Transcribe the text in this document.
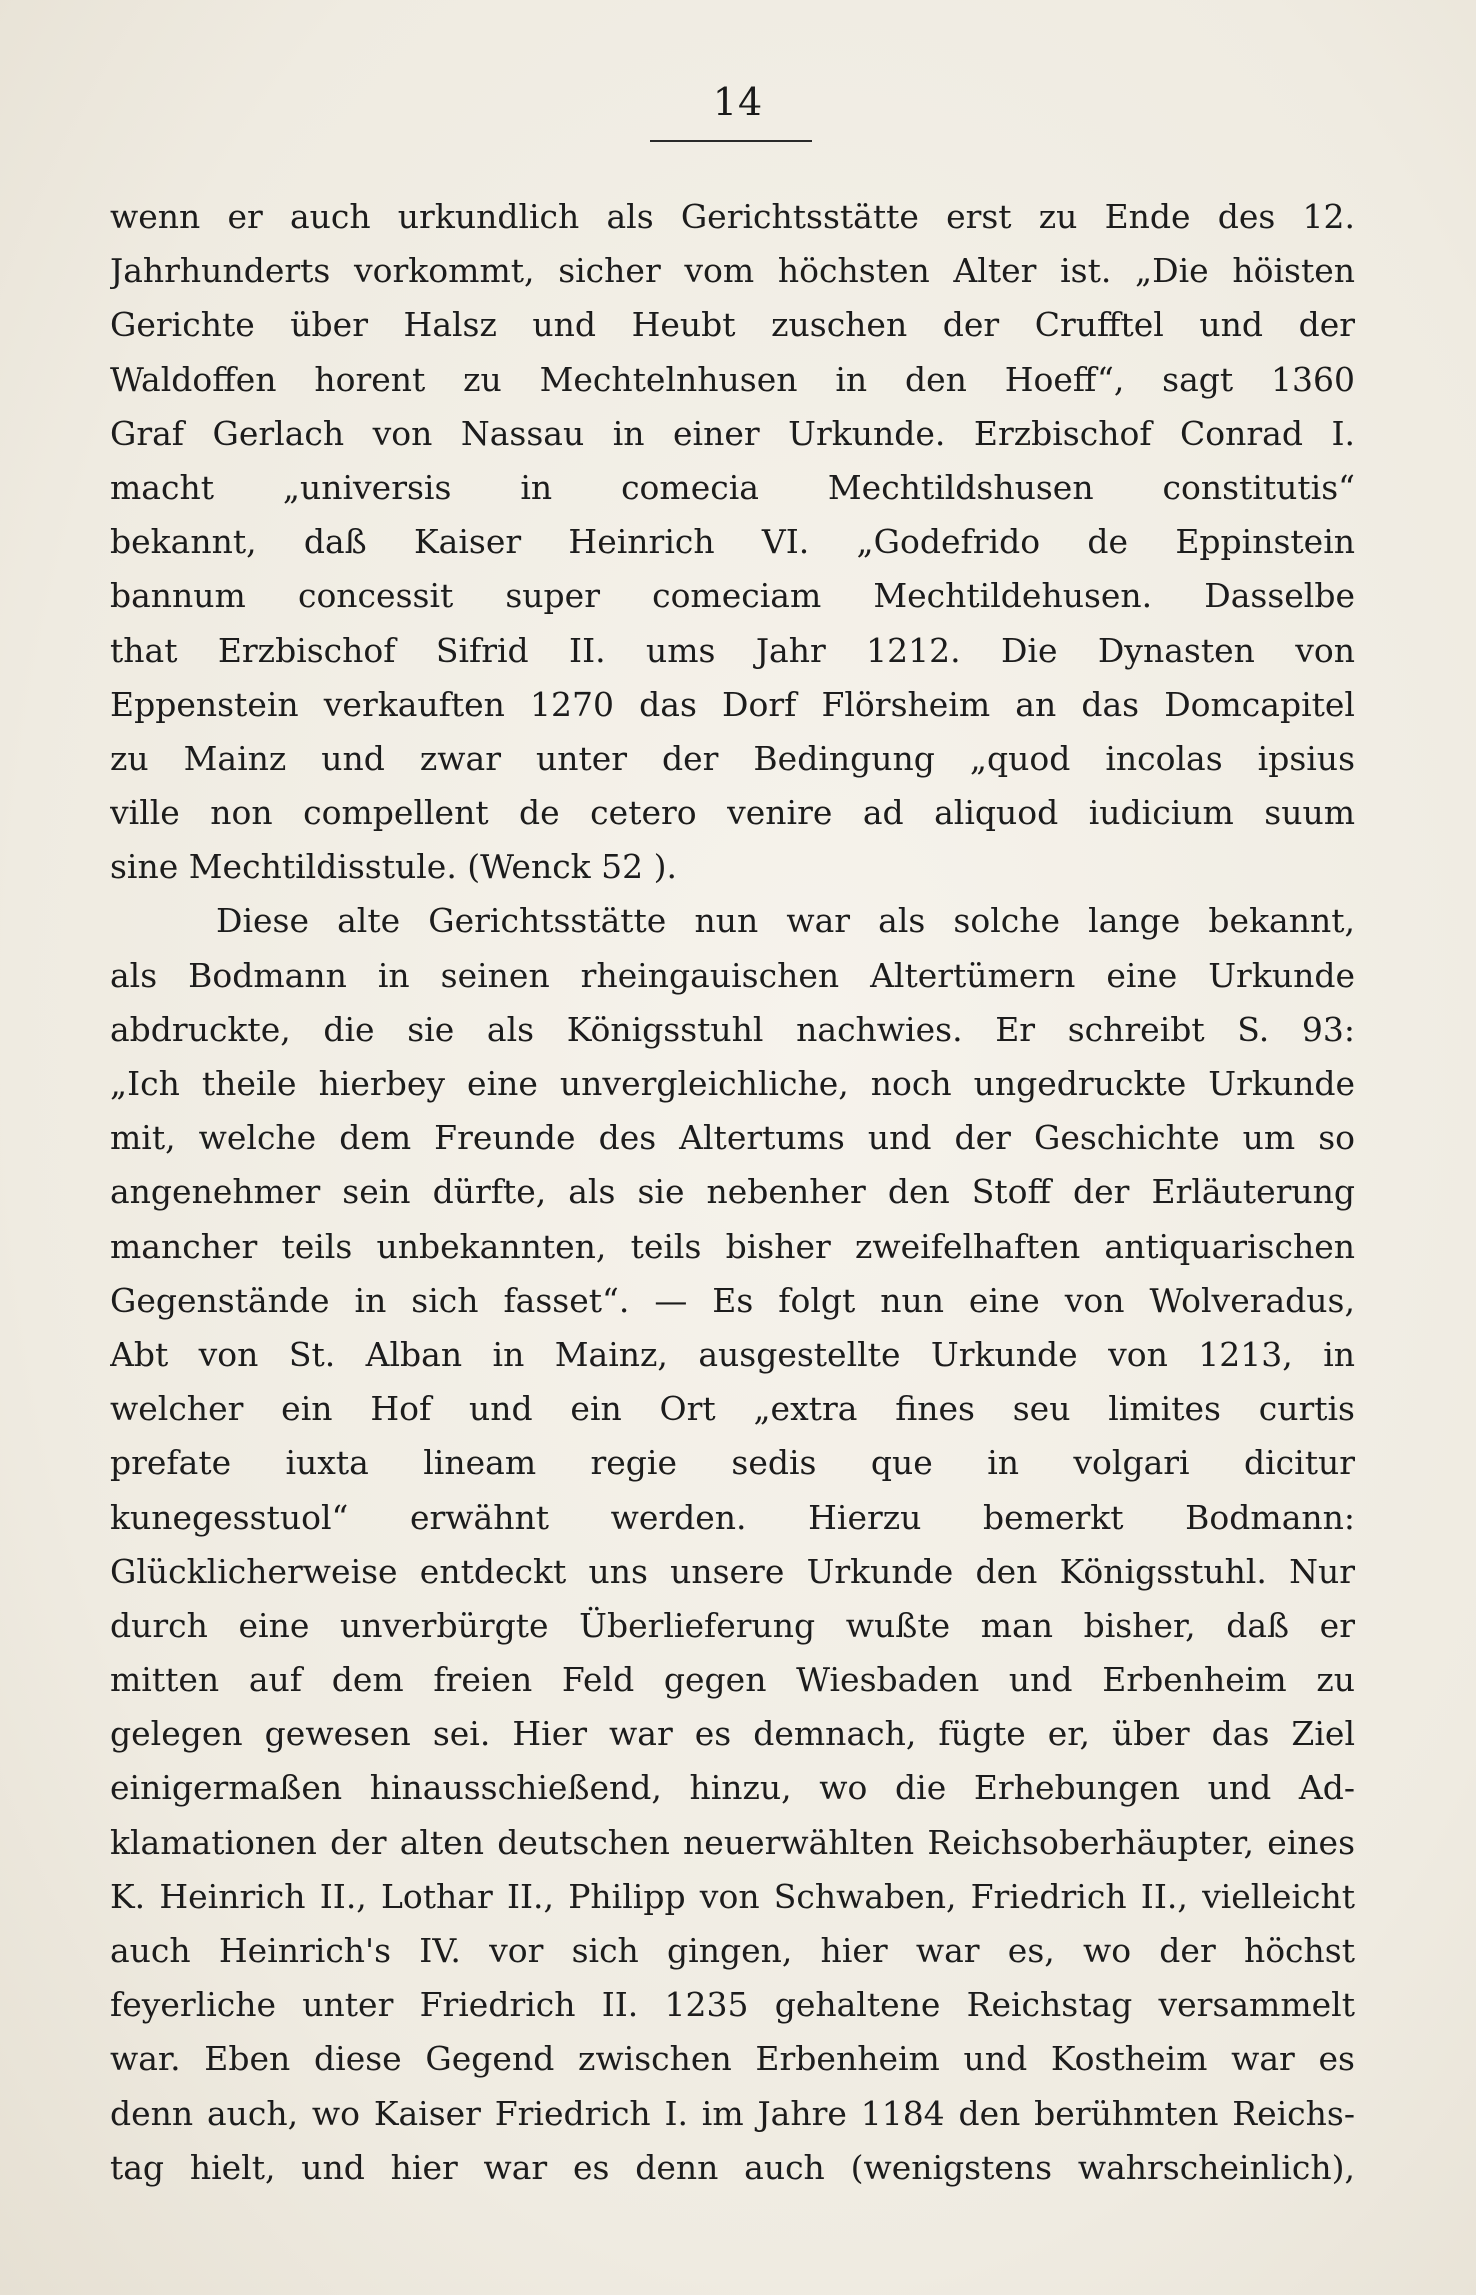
14
wenn er auch urkundlich als Gerichtsstätte erst zu Ende des 12.
Jahrhunderts vorkommt, sicher vom höchsten Alter ist. „Die höisten
Gerichte über Halsz und Heubt zuschen der Crufftel und der
Waldoffen horent zu Mechtelnhusen in den Hoeff“, sagt 1360
Graf Gerlach von Nassau in einer Urkunde. Erzbischof Conrad I.
macht „universis in comecia Mechtildshusen constitutis“
bekannt, daß Kaiser Heinrich VI. „Godefrido de Eppinstein
bannum concessit super comeciam Mechtildehusen. Dasselbe
that Erzbischof Sifrid II. ums Jahr 1212. Die Dynasten von
Eppenstein verkauften 1270 das Dorf Flörsheim an das Domcapitel
zu Mainz und zwar unter der Bedingung „quod incolas ipsius
ville non compellent de cetero venire ad aliquod iudicium suum
sine Mechtildisstule. (Wenck 52 ).
Diese alte Gerichtsstätte nun war als solche lange bekannt,
als Bodmann in seinen rheingauischen Altertümern eine Urkunde
abdruckte, die sie als Königsstuhl nachwies. Er schreibt S. 93:
„Ich theile hierbey eine unvergleichliche, noch ungedruckte Urkunde
mit, welche dem Freunde des Altertums und der Geschichte um so
angenehmer sein dürfte, als sie nebenher den Stoff der Erläuterung
mancher teils unbekannten, teils bisher zweifelhaften antiquarischen
Gegenstände in sich fasset“. — Es folgt nun eine von Wolveradus,
Abt von St. Alban in Mainz, ausgestellte Urkunde von 1213, in
welcher ein Hof und ein Ort „extra fines seu limites curtis
prefate iuxta lineam regie sedis que in volgari dicitur
kunegesstuol“ erwähnt werden. Hierzu bemerkt Bodmann:
Glücklicherweise entdeckt uns unsere Urkunde den Königsstuhl. Nur
durch eine unverbürgte Überlieferung wußte man bisher, daß er
mitten auf dem freien Feld gegen Wiesbaden und Erbenheim zu
gelegen gewesen sei. Hier war es demnach, fügte er, über das Ziel
einigermaßen hinausschießend, hinzu, wo die Erhebungen und Ad-
klamationen der alten deutschen neuerwählten Reichsoberhäupter, eines
K. Heinrich II., Lothar II., Philipp von Schwaben, Friedrich II., vielleicht
auch Heinrich's IV. vor sich gingen, hier war es, wo der höchst
feyerliche unter Friedrich II. 1235 gehaltene Reichstag versammelt
war. Eben diese Gegend zwischen Erbenheim und Kostheim war es
denn auch, wo Kaiser Friedrich I. im Jahre 1184 den berühmten Reichs-
tag hielt, und hier war es denn auch (wenigstens wahrscheinlich),
